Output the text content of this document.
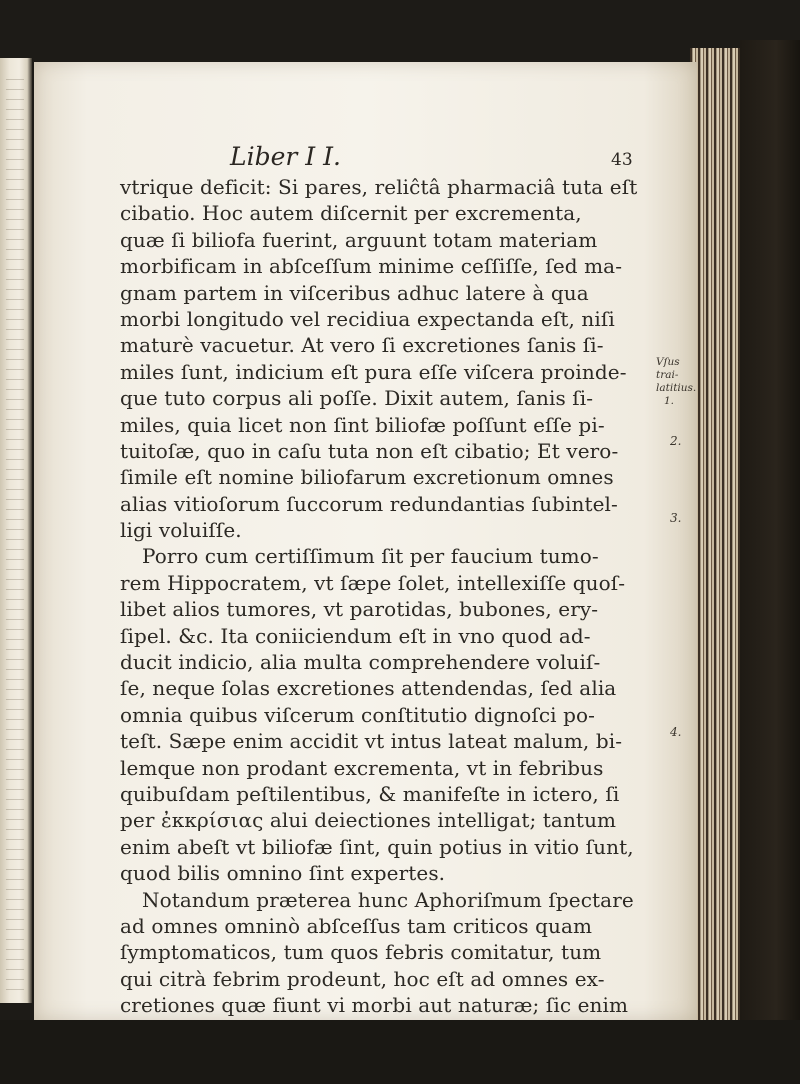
Liber I I.	43
vtrique deficit: Si pares, reliĉtâ pharmaciâ tuta eſt
cibatio. Hoc autem diſcernit per excrementa,
quæ ſi biliofa fuerint, arguunt totam materiam
morbificam in abſceſſum minime ceſſiſſe, ſed ma-
gnam partem in viſceribus adhuc latere à qua
morbi longitudo vel recidiua expectanda eſt, niſi
maturè vacuetur. At vero ſi excretiones ſanis ſi-
miles ſunt, indicium eſt pura eſſe viſcera proinde-
que tuto corpus ali poſſe. Dixit autem, ſanis ſi-
miles, quia licet non ſint biliofæ poſſunt eſſe pi-
tuitoſæ, quo in caſu tuta non eſt cibatio; Et vero-
ſimile eſt nomine biliofarum excretionum omnes
alias vitioſorum ſuccorum redundantias ſubintel-
ligi voluiſſe.
Porro cum certiſſimum ſit per faucium tumo-
rem Hippocratem, vt ſæpe ſolet, intellexiſſe quoſ-
libet alios tumores, vt parotidas, bubones, ery-
ſipel. &c. Ita coniiciendum eſt in vno quod ad-
ducit indicio, alia multa comprehendere voluiſ-
ſe, neque ſolas excretiones attendendas, ſed alia
omnia quibus viſcerum conſtitutio dignoſci po-
teſt. Sæpe enim accidit vt intus lateat malum, bi-
lemque non prodant excrementa, vt in febribus
quibuſdam peſtilentibus, & manifeſte in ictero, ſi
per ἐκκρίσιας alui deiectiones intelligat; tantum
enim abeſt vt biliofæ ſint, quin potius in vitio ſunt,
quod bilis omnino ſint expertes.
Notandum præterea hunc Aphoriſmum ſpectare
ad omnes omninò abſceſſus tam criticos quam
ſymptomaticos, tum quos febris comitatur, tum
qui citrà febrim prodeunt, hoc eſt ad omnes ex-
cretiones quæ fiunt vi morbi aut naturæ; ſic enim
Vſus trai-latitius.
1.
2.
3.
4.
